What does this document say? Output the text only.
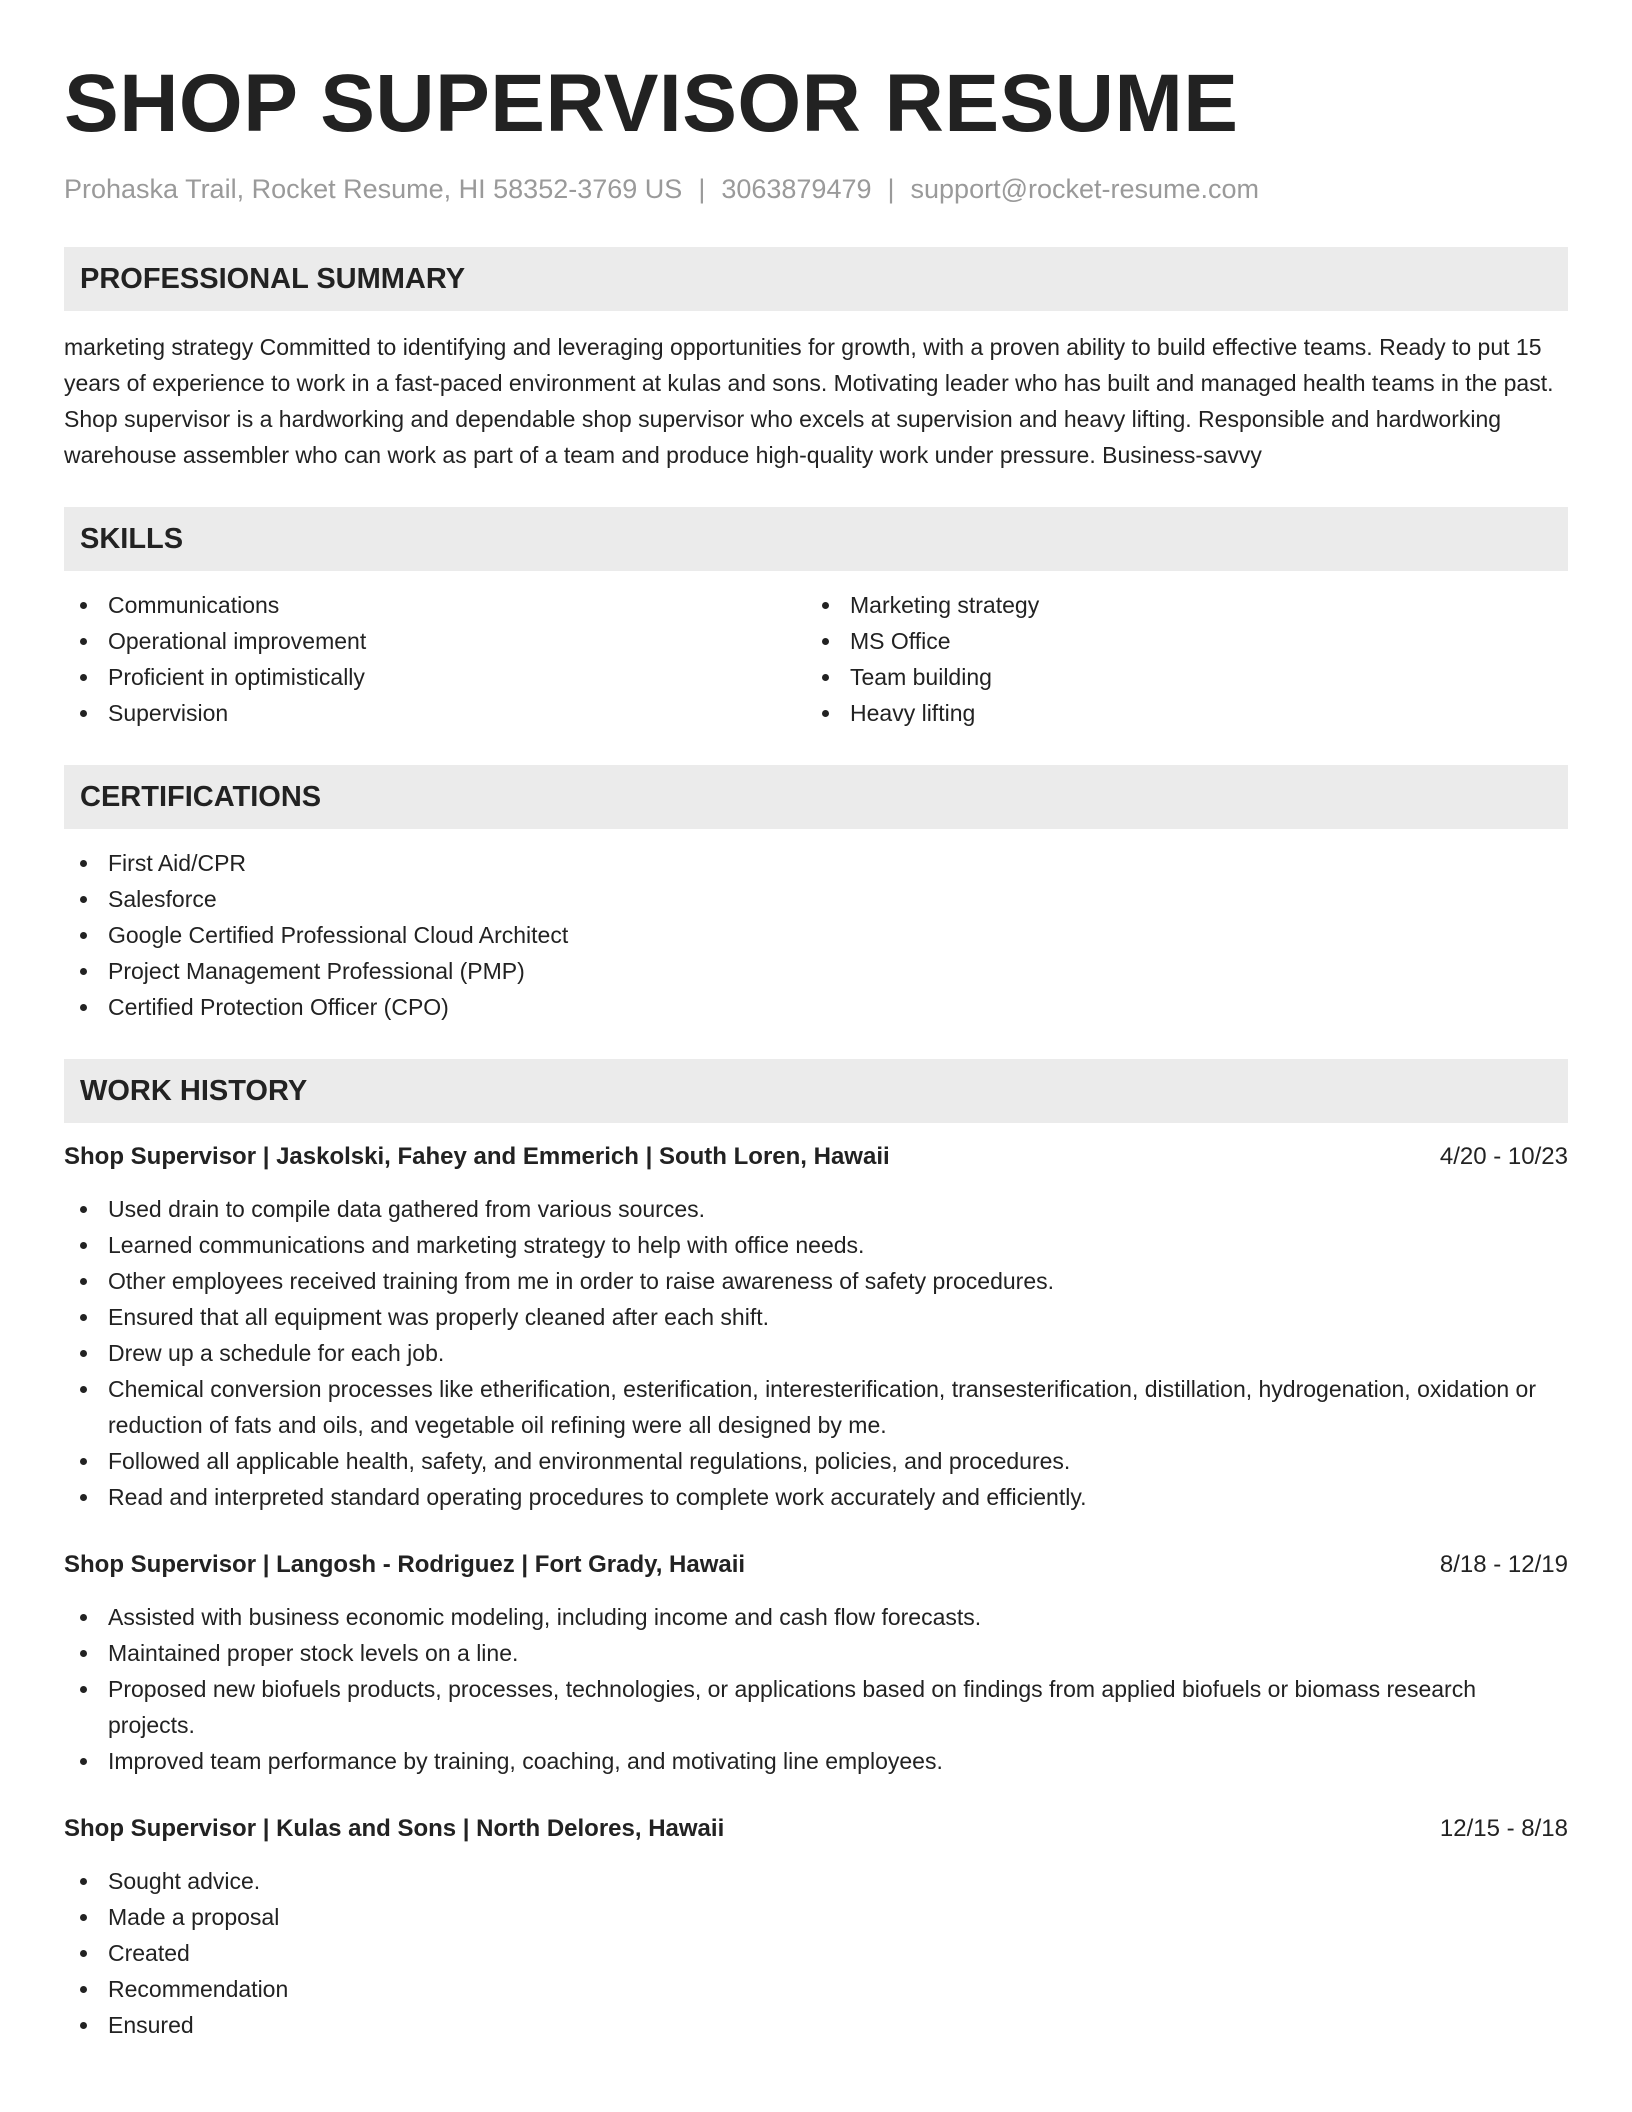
SHOP SUPERVISOR RESUME
Prohaska Trail, Rocket Resume, HI 58352-3769 US | 3063879479 | support@rocket-resume.com
PROFESSIONAL SUMMARY

marketing strategy Committed to identifying and leveraging opportunities for growth, with a proven ability to build effective teams. Ready to put 15 years of experience to work in a fast-paced environment at kulas and sons. Motivating leader who has built and managed health teams in the past. Shop supervisor is a hardworking and dependable shop supervisor who excels at supervision and heavy lifting. Responsible and hardworking warehouse assembler who can work as part of a team and produce high-quality work under pressure. Business-savvy

SKILLS
Communications
Operational improvement
Proficient in optimistically
Supervision
Marketing strategy
MS Office
Team building
Heavy lifting
CERTIFICATIONS
First Aid/CPR
Salesforce
Google Certified Professional Cloud Architect
Project Management Professional (PMP)
Certified Protection Officer (CPO)
WORK HISTORY
Shop Supervisor | Jaskolski, Fahey and Emmerich | South Loren, Hawaii	4/20 - 10/23
Used drain to compile data gathered from various sources.
Learned communications and marketing strategy to help with office needs.
Other employees received training from me in order to raise awareness of safety procedures.
Ensured that all equipment was properly cleaned after each shift.
Drew up a schedule for each job.
Chemical conversion processes like etherification, esterification, interesterification, transesterification, distillation, hydrogenation, oxidation or reduction of fats and oils, and vegetable oil refining were all designed by me.
Followed all applicable health, safety, and environmental regulations, policies, and procedures.
Read and interpreted standard operating procedures to complete work accurately and efficiently.
Shop Supervisor | Langosh - Rodriguez | Fort Grady, Hawaii	8/18 - 12/19
Assisted with business economic modeling, including income and cash flow forecasts.
Maintained proper stock levels on a line.
Proposed new biofuels products, processes, technologies, or applications based on findings from applied biofuels or biomass research projects.
Improved team performance by training, coaching, and motivating line employees.
Shop Supervisor | Kulas and Sons | North Delores, Hawaii	12/15 - 8/18
Sought advice.
Made a proposal
Created
Recommendation
Ensured
